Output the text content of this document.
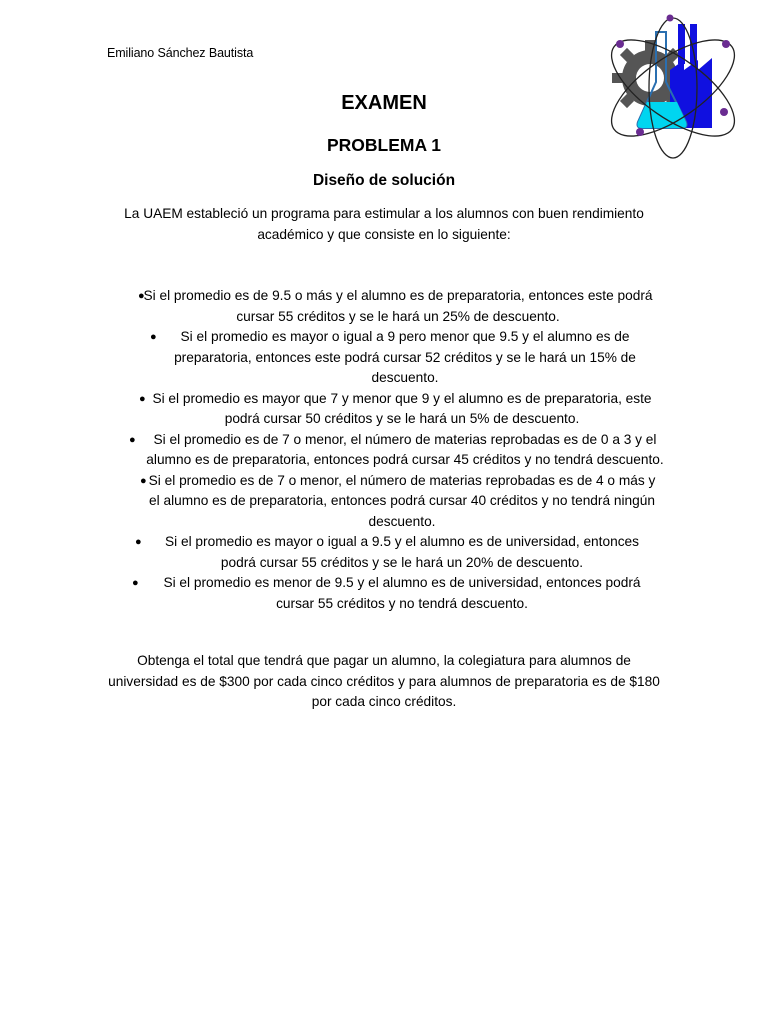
Emiliano Sánchez Bautista
EXAMEN
PROBLEMA 1
Diseño de solución
La UAEM estableció un programa para estimular a los alumnos con buen rendimiento académico y que consiste en lo siguiente:
●
Si el promedio es de 9.5 o más y el alumno es de preparatoria, entonces este podrá cursar 55 créditos y se le hará un 25% de descuento.
●	Si el promedio es mayor o igual a 9 pero menor que 9.5 y el alumno es de preparatoria, entonces este podrá cursar 52 créditos y se le hará un 15% de descuento.
● Si el promedio es mayor que 7 y menor que 9 y el alumno es de preparatoria, este podrá cursar 50 créditos y se le hará un 5% de descuento.
●	Si el promedio es de 7 o menor, el número de materias reprobadas es de 0 a 3 y el alumno es de preparatoria, entonces podrá cursar 45 créditos y no tendrá descuento.
● Si el promedio es de 7 o menor, el número de materias reprobadas es de 4 o más y el alumno es de preparatoria, entonces podrá cursar 40 créditos y no tendrá ningún descuento.
●	Si el promedio es mayor o igual a 9.5 y el alumno es de universidad, entonces podrá cursar 55 créditos y se le hará un 20% de descuento.
●	Si el promedio es menor de 9.5 y el alumno es de universidad, entonces podrá cursar 55 créditos y no tendrá descuento.
Obtenga el total que tendrá que pagar un alumno, la colegiatura para alumnos de universidad es de $300 por cada cinco créditos y para alumnos de preparatoria es de $180 por cada cinco créditos.
